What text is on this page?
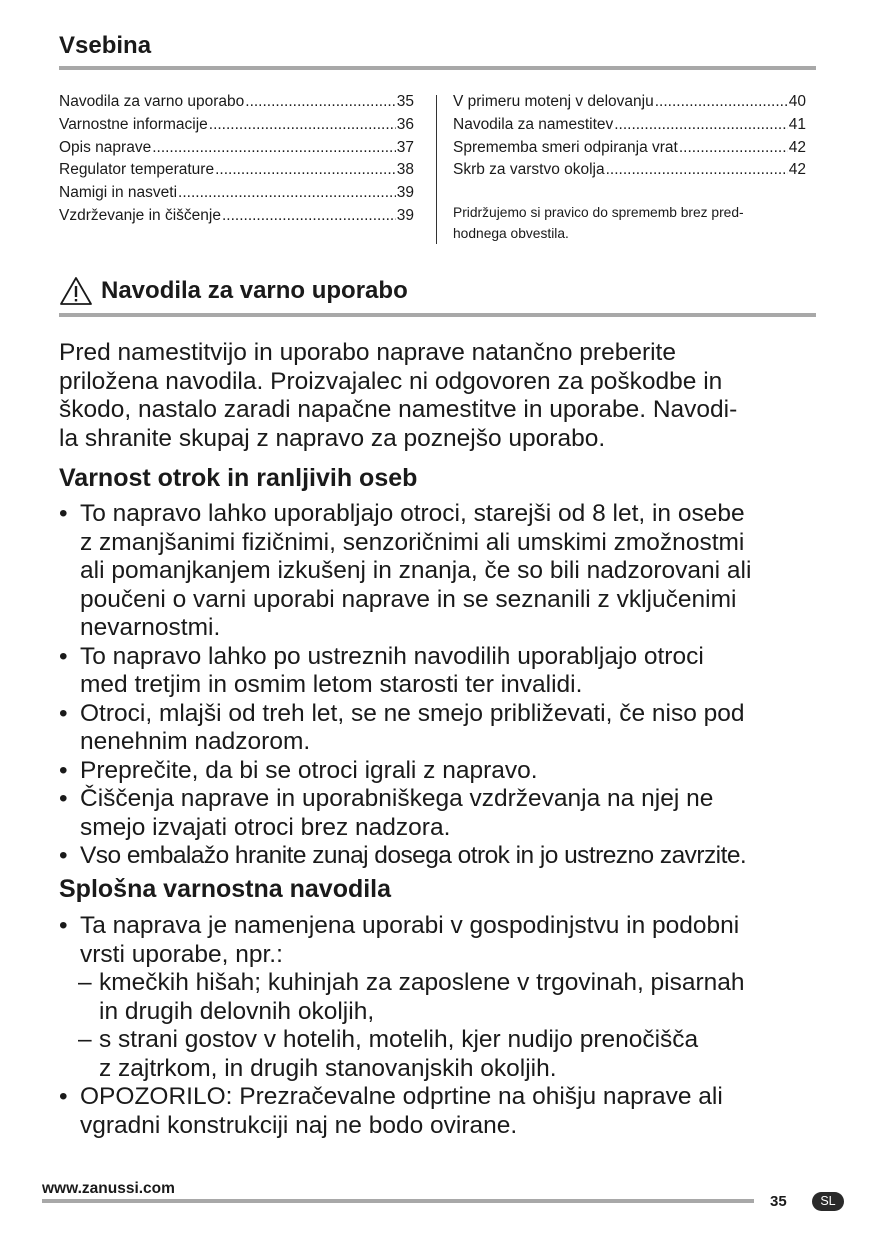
Vsebina
Navodila za varno uporabo .....	35
Varnostne informacije .....	36
Opis naprave .....	37
Regulator temperature .....	38
Namigi in nasveti .....	39
Vzdrževanje in čiščenje .....	39
V primeru motenj v delovanju .....	40
Navodila za namestitev .....	41
Sprememba smeri odpiranja vrat .....	42
Skrb za varstvo okolja .....	42
Pridržujemo si pravico do sprememb brez pred-
hodnega obvestila.
Navodila za varno uporabo
Pred namestitvijo in uporabo naprave natančno preberite
priložena navodila. Proizvajalec ni odgovoren za poškodbe in
škodo, nastalo zaradi napačne namestitve in uporabe. Navodi-
la shranite skupaj z napravo za poznejšo uporabo.
Varnost otrok in ranljivih oseb
• To napravo lahko uporabljajo otroci, starejši od 8 let, in osebe
z zmanjšanimi fizičnimi, senzoričnimi ali umskimi zmožnostmi
ali pomanjkanjem izkušenj in znanja, če so bili nadzorovani ali
poučeni o varni uporabi naprave in se seznanili z vključenimi
nevarnostmi.
• To napravo lahko po ustreznih navodilih uporabljajo otroci
med tretjim in osmim letom starosti ter invalidi.
• Otroci, mlajši od treh let, se ne smejo približevati, če niso pod
nenehnim nadzorom.
• Preprečite, da bi se otroci igrali z napravo.
• Čiščenja naprave in uporabniškega vzdrževanja na njej ne
smejo izvajati otroci brez nadzora.
• Vso embalažo hranite zunaj dosega otrok in jo ustrezno zavrzite.
Splošna varnostna navodila
• Ta naprava je namenjena uporabi v gospodinjstvu in podobni
vrsti uporabe, npr.:
– kmečkih hišah; kuhinjah za zaposlene v trgovinah, pisarnah
in drugih delovnih okoljih,
– s strani gostov v hotelih, motelih, kjer nudijo prenočišča
z zajtrkom, in drugih stanovanjskih okoljih.
• OPOZORILO: Prezračevalne odprtine na ohišju naprave ali
vgradni konstrukciji naj ne bodo ovirane.
www.zanussi.com
35	SL
